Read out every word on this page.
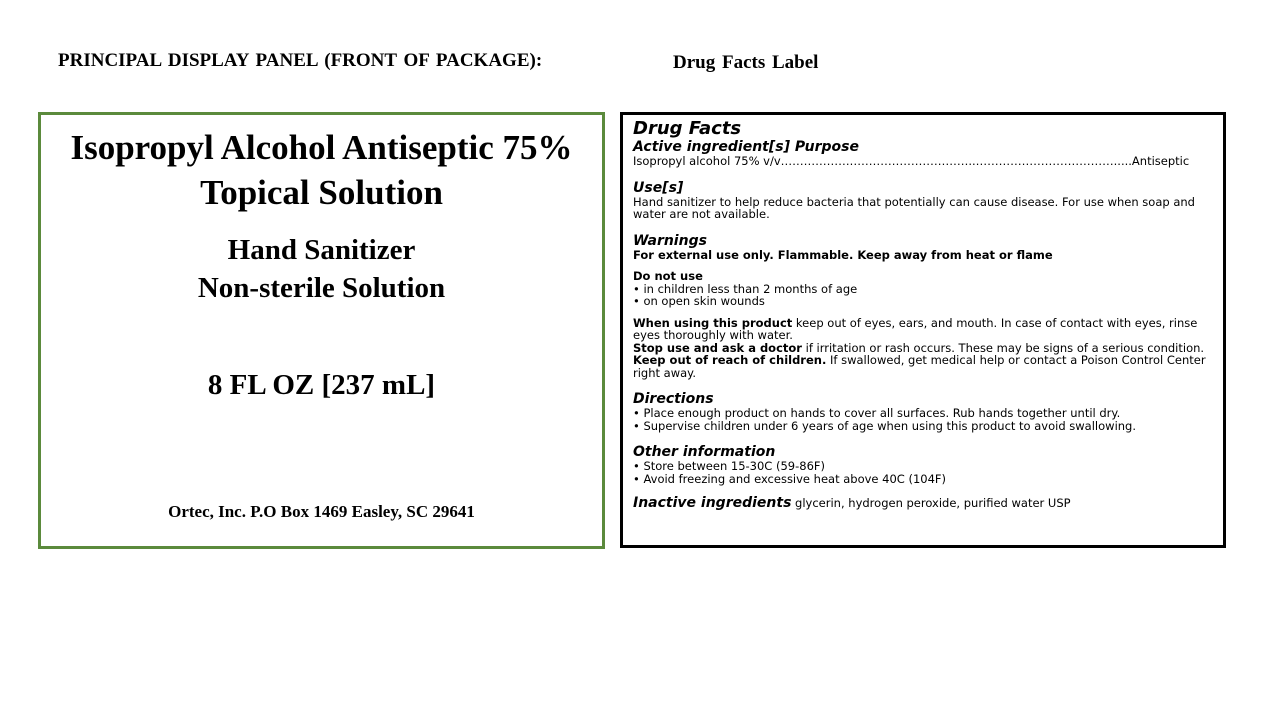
PRINCIPAL DISPLAY PANEL (FRONT OF PACKAGE):	Drug Facts Label
Isopropyl Alcohol Antiseptic 75%
Topical Solution
Hand Sanitizer
Non-sterile Solution
8 FL OZ [237 mL]
Ortec, Inc. P.O Box 1469 Easley, SC 29641
Drug Facts
Active ingredient[s] Purpose
Isopropyl alcohol 75% v/v……………….…………………………..……………………………….....Antiseptic
Use[s]
Hand sanitizer to help reduce bacteria that potentially can cause disease. For use when soap and water are not available.
Warnings
For external use only. Flammable. Keep away from heat or flame
Do not use
• in children less than 2 months of age
• on open skin wounds
When using this product keep out of eyes, ears, and mouth. In case of contact with eyes, rinse eyes thoroughly with water.
Stop use and ask a doctor if irritation or rash occurs. These may be signs of a serious condition.
Keep out of reach of children. If swallowed, get medical help or contact a Poison Control Center right away.
Directions
• Place enough product on hands to cover all surfaces. Rub hands together until dry.
• Supervise children under 6 years of age when using this product to avoid swallowing.
Other information
• Store between 15-30C (59-86F)
• Avoid freezing and excessive heat above 40C (104F)
Inactive ingredients glycerin, hydrogen peroxide, purified water USP
